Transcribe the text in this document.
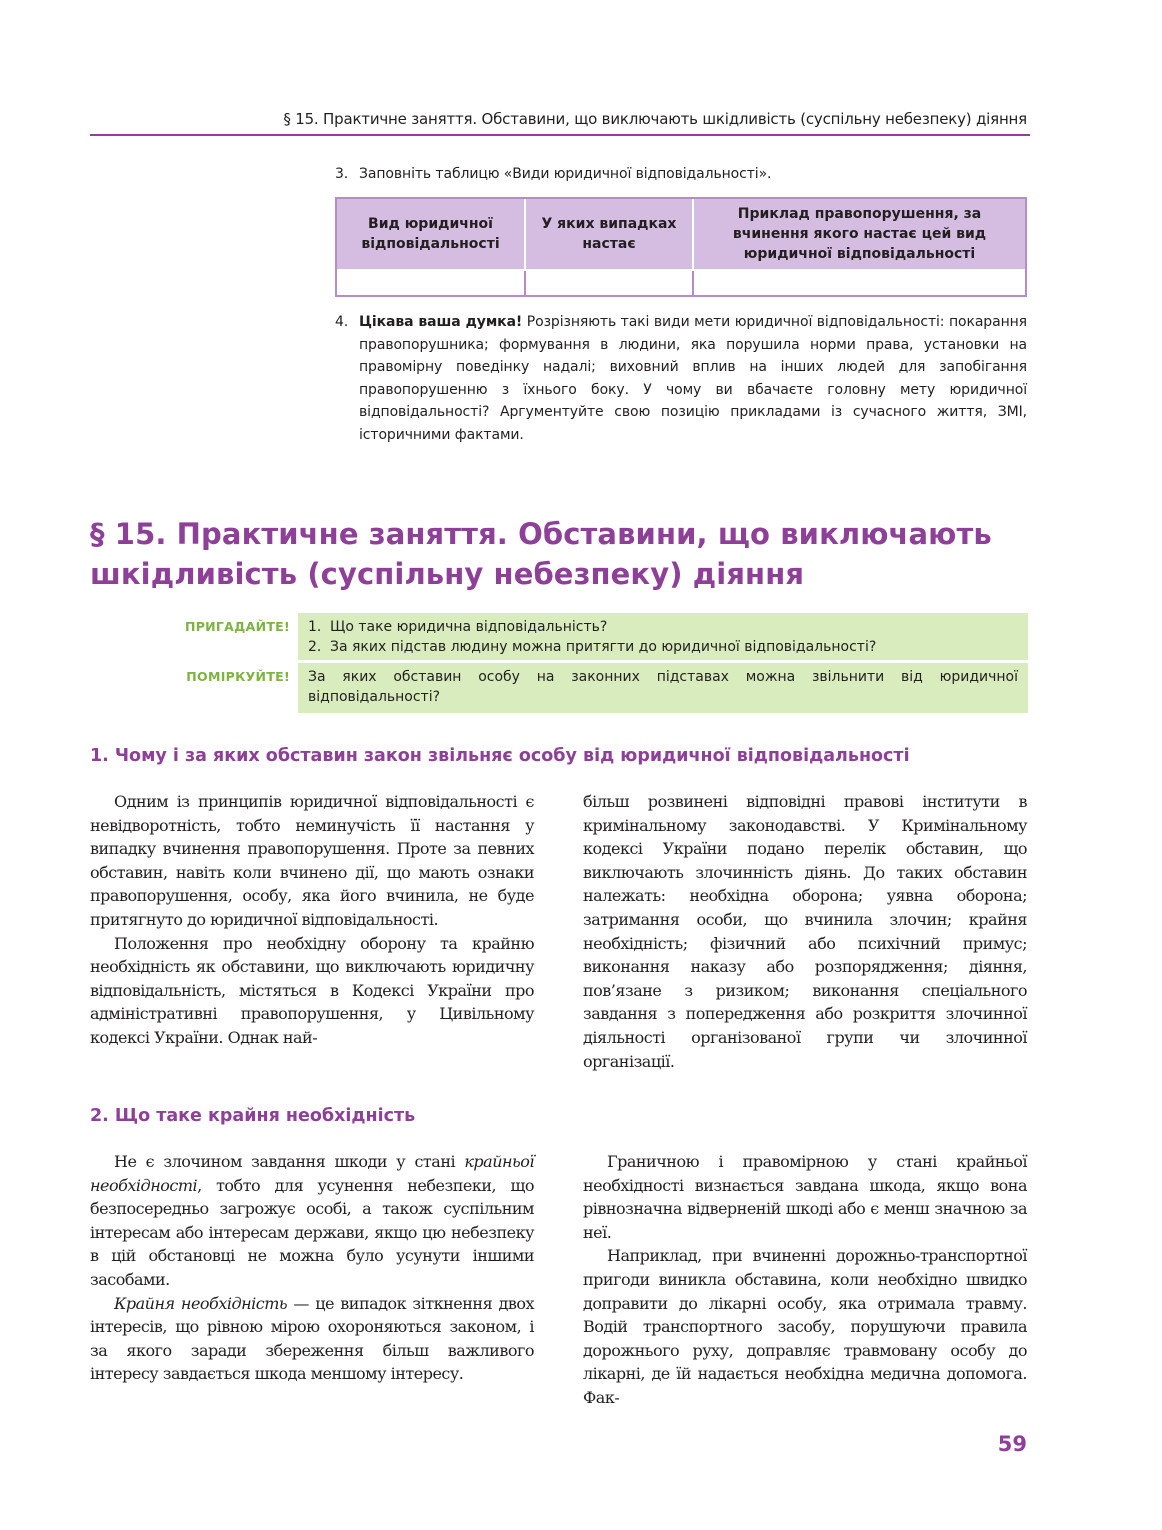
§ 15. Практичне заняття. Обставини, що виключають шкідливість (суспільну небезпеку) діяння
3. Заповніть таблицю «Види юридичної відповідальності».
Вид юридичної відповідальності	У яких випадках настає	Приклад правопорушення, за вчинення якого настає цей вид юридичної відповідальності

4. Цікава ваша думка! Розрізняють такі види мети юридичної відповідальності: покарання правопорушника; формування в людини, яка порушила норми права, установки на правомірну поведінку надалі; виховний вплив на інших людей для запобігання правопорушенню з їхнього боку. У чому ви вбачаєте головну мету юридичної відповідальності? Аргументуйте свою позицію прикладами із сучасного життя, ЗМІ, історичними фактами.
§ 15. Практичне заняття. Обставини, що виключають
шкідливість (суспільну небезпеку) діяння
ПРИГАДАЙТЕ! 1. Що таке юридична відповідальність?
2. За яких підстав людину можна притягти до юридичної відповідальності?
ПОМІРКУЙТЕ!	За яких обставин особу на законних підставах можна звільнити від юридичної відповідальності?
1. Чому і за яких обставин закон звільняє особу від юридичної відповідальності

Одним із принципів юридичної відповідальності є невідворотність, тобто неминучість її настання у випадку вчинення правопорушення. Проте за певних обставин, навіть коли вчинено дії, що мають ознаки правопорушення, особу, яка його вчинила, не буде притягнуто до юридичної відповідальності.

Положення про необхідну оборону та крайню необхідність як обставини, що виключають юридичну відповідальність, містяться в Кодексі України про адміністративні правопорушення, у Цивільному кодексі України. Однак най-

більш розвинені відповідні правові інститути в кримінальному законодавстві. У Кримінальному кодексі України подано перелік обставин, що виключають злочинність діянь. До таких обставин належать: необхідна оборона; уявна оборона; затримання особи, що вчинила злочин; крайня необхідність; фізичний або психічний примус; виконання наказу або розпорядження; діяння, пов’язане з ризиком; виконання спеціального завдання з попередження або розкриття злочинної діяльності організованої групи чи злочинної організації.

2. Що таке крайня необхідність

Не є злочином завдання шкоди у стані крайньої необхідності, тобто для усунення небезпеки, що безпосередньо загрожує особі, а також суспільним інтересам або інтересам держави, якщо цю небезпеку в цій обстановці не можна було усунути іншими засобами.

Крайня необхідність — це випадок зіткнення двох інтересів, що рівною мірою охороняються законом, і за якого заради збереження більш важливого інтересу завдається шкода меншому інтересу.

Граничною і правомірною у стані крайньої необхідності визнається завдана шкода, якщо вона рівнозначна відверненій шкоді або є менш значною за неї.

Наприклад, при вчиненні дорожньо-транспортної пригоди виникла обставина, коли необхідно швидко доправити до лікарні особу, яка отримала травму. Водій транспортного засобу, порушуючи правила дорожнього руху, доправляє травмовану особу до лікарні, де їй надається необхідна медична допомога. Фак-

59
